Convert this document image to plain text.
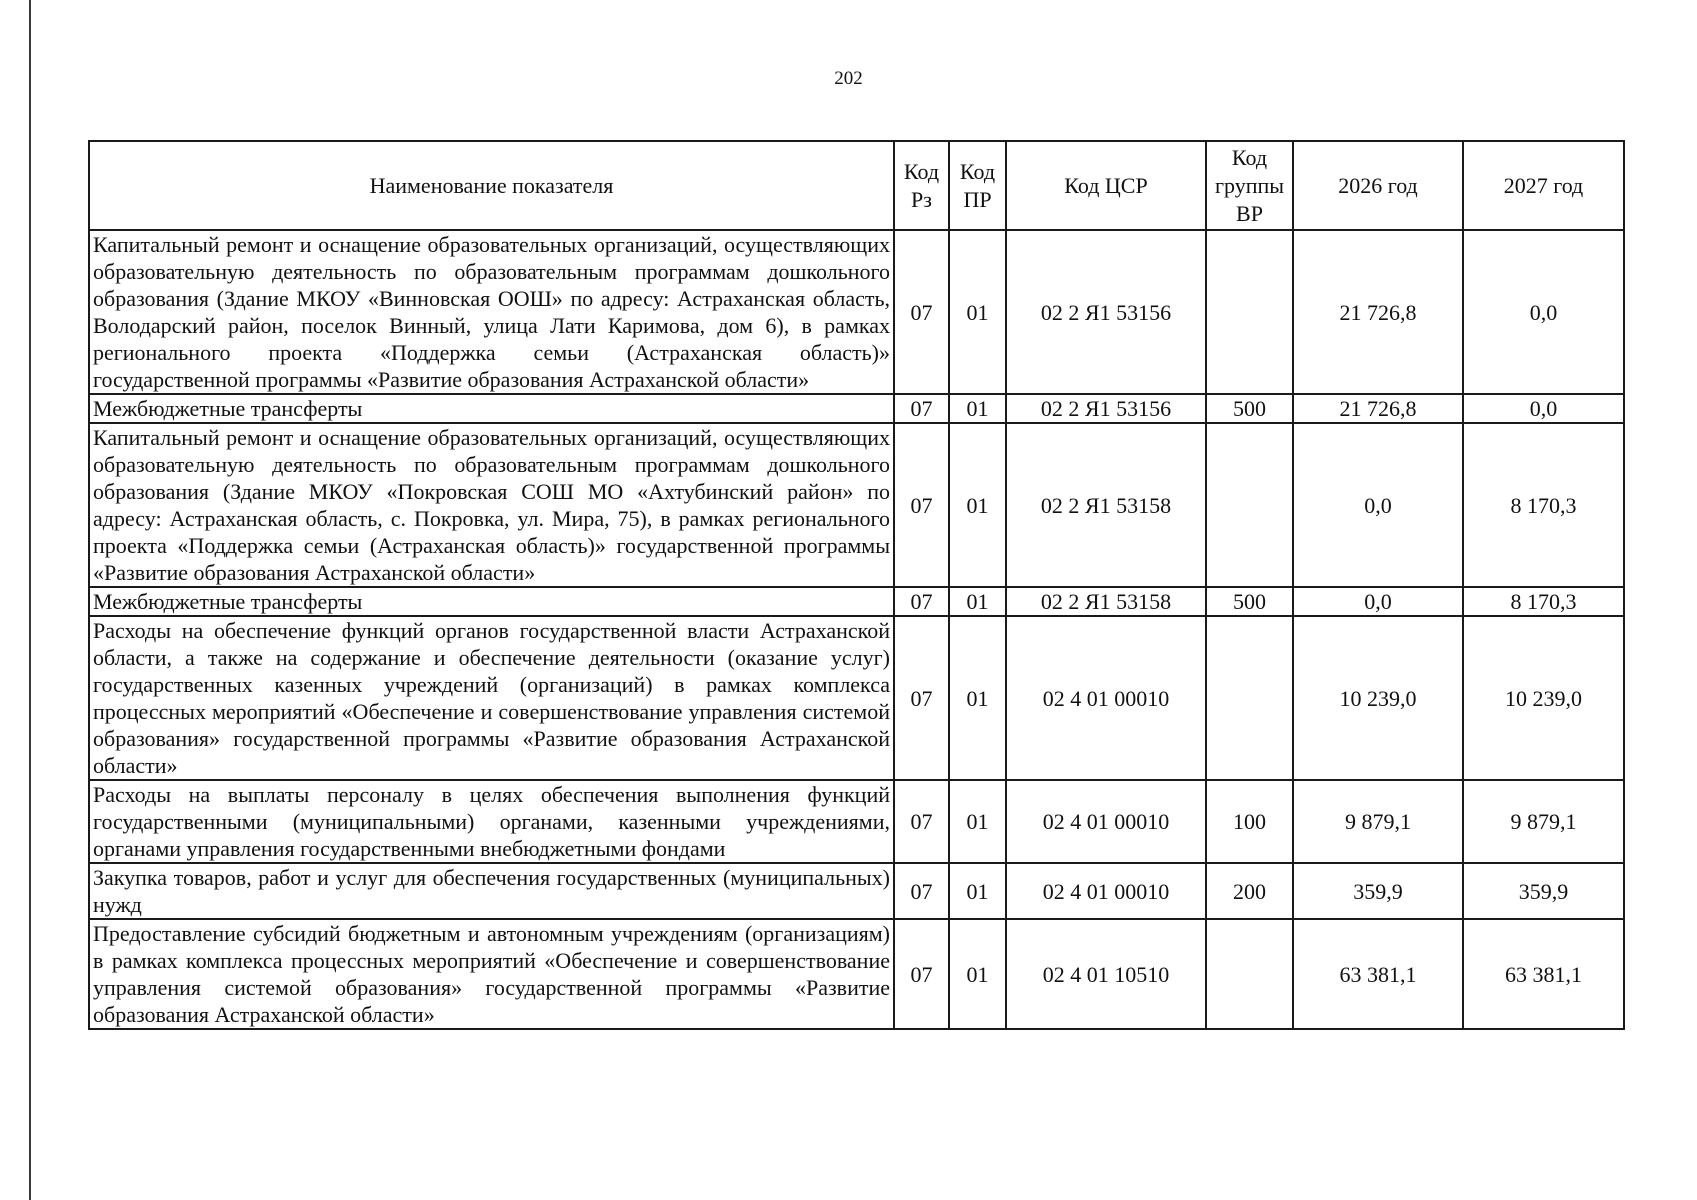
202
Наименование показателя	Код Рз	Код ПР	Код ЦСР	Код группы ВР	2026 год	2027 год
Капитальный ремонт и оснащение образовательных организаций, осуществляющих образовательную деятельность по образовательным программам дошкольного образования (Здание МКОУ «Винновская ООШ» по адресу: Астраханская область, Володарский район, поселок Винный, улица Лати Каримова, дом 6), в рамках регионального проекта «Поддержка семьи (Астраханская область)» государственной программы «Развитие образования Астраханской области»	07	01	02 2 Я1 53156		21 726,8	0,0
Межбюджетные трансферты	07	01	02 2 Я1 53156	500	21 726,8	0,0
Капитальный ремонт и оснащение образовательных организаций, осуществляющих образовательную деятельность по образовательным программам дошкольного образования (Здание МКОУ «Покровская СОШ МО «Ахтубинский район» по адресу: Астраханская область, с. Покровка, ул. Мира, 75), в рамках регионального проекта «Поддержка семьи (Астраханская область)» государственной программы «Развитие образования Астраханской области»	07	01	02 2 Я1 53158		0,0	8 170,3
Межбюджетные трансферты	07	01	02 2 Я1 53158	500	0,0	8 170,3
Расходы на обеспечение функций органов государственной власти Астраханской области, а также на содержание и обеспечение деятельности (оказание услуг) государственных казенных учреждений (организаций) в рамках комплекса процессных мероприятий «Обеспечение и совершенствование управления системой образования» государственной программы «Развитие образования Астраханской области»	07	01	02 4 01 00010		10 239,0	10 239,0
Расходы на выплаты персоналу в целях обеспечения выполнения функций государственными (муниципальными) органами, казенными учреждениями, органами управления государственными внебюджетными фондами	07	01	02 4 01 00010	100	9 879,1	9 879,1
Закупка товаров, работ и услуг для обеспечения государственных (муниципальных) нужд	07	01	02 4 01 00010	200	359,9	359,9
Предоставление субсидий бюджетным и автономным учреждениям (организациям) в рамках комплекса процессных мероприятий «Обеспечение и совершенствование управления системой образования» государственной программы «Развитие образования Астраханской области»	07	01	02 4 01 10510		63 381,1	63 381,1
